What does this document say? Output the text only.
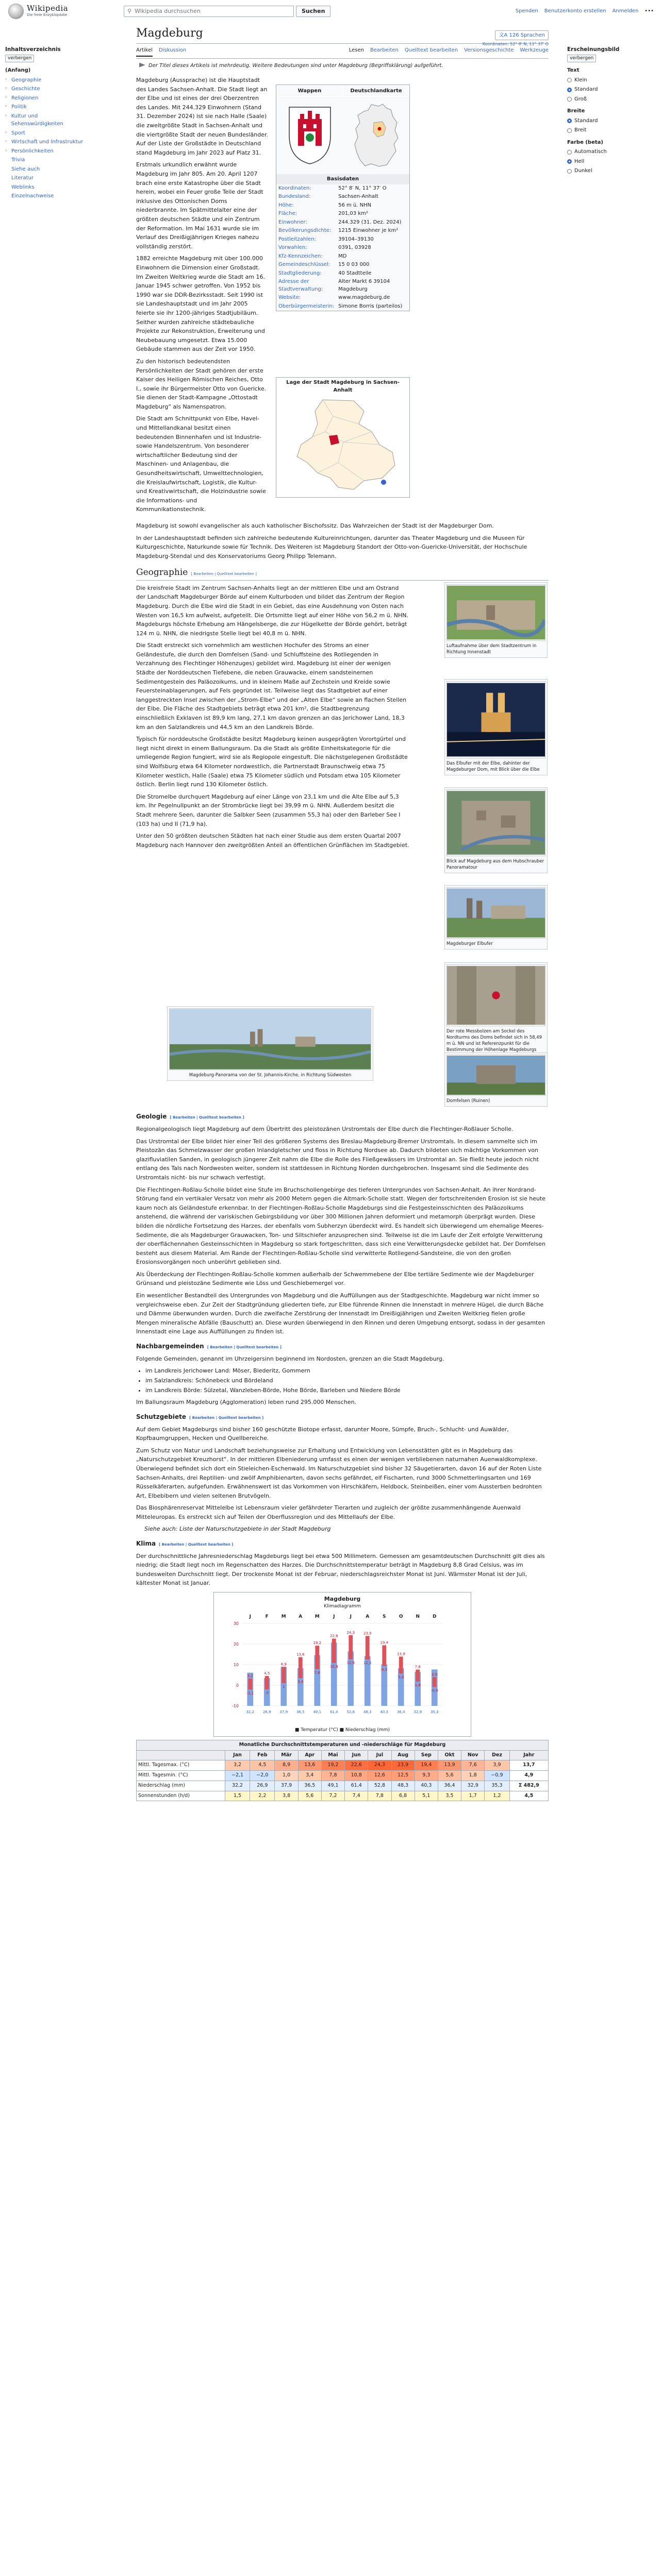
Wikipedia
Die freie Enzyklopädie
⚲ Wikipedia durchsuchen	Suchen	Spenden Benutzerkonto erstellen Anmelden •••
Inhaltsverzeichnis
verbergen
(Anfang)
› Geographie
› Geschichte
› Religionen
› Politik
› Kultur und Sehenswürdigkeiten
› Sport
› Wirtschaft und Infrastruktur
› Persönlichkeiten
Trivia
Siehe auch
Literatur
Weblinks
Einzelnachweise
Erscheinungsbild
verbergen
Text
Klein
Standard
Groß
Breite
Standard
Breit
Farbe (beta)
Automatisch
Hell
Dunkel
Magdeburg	文A 126 Sprachen
Artikel Diskussion	Lesen Bearbeiten Quelltext bearbeiten Versionsgeschichte Werkzeuge
Koordinaten: 52° 8′ N, 11° 37′ O
Der Titel dieses Artikels ist mehrdeutig. Weitere Bedeutungen sind unter Magdeburg (Begriffsklärung) aufgeführt.

Magdeburg (Aussprache) ist die Hauptstadt des Landes Sachsen-Anhalt. Die Stadt liegt an der Elbe und ist eines der drei Oberzentren des Landes. Mit 244.329 Einwohnern (Stand 31. Dezember 2024) ist sie nach Halle (Saale) die zweitgrößte Stadt in Sachsen-Anhalt und die viertgrößte Stadt der neuen Bundesländer. Auf der Liste der Großstädte in Deutschland stand Magdeburg im Jahr 2023 auf Platz 31.

Erstmals urkundlich erwähnt wurde Magdeburg im Jahr 805. Am 20. April 1207 brach eine erste Katastrophe über die Stadt herein, wobei ein Feuer große Teile der Stadt inklusive des Ottonischen Doms niederbrannte. Im Spätmittelalter eine der größten deutschen Städte und ein Zentrum der Reformation. Im Mai 1631 wurde sie im Verlauf des Dreißigjährigen Krieges nahezu vollständig zerstört.

1882 erreichte Magdeburg mit über 100.000 Einwohnern die Dimension einer Großstadt. Im Zweiten Weltkrieg wurde die Stadt am 16. Januar 1945 schwer getroffen. Von 1952 bis 1990 war sie DDR-Bezirksstadt. Seit 1990 ist sie Landeshauptstadt und im Jahr 2005 feierte sie ihr 1200-jähriges Stadtjubiläum. Seither wurden zahlreiche städtebauliche Projekte zur Rekonstruktion, Erweiterung und Neubebauung umgesetzt. Etwa 15.000 Gebäude stammen aus der Zeit vor 1950.

Zu den historisch bedeutendsten Persönlichkeiten der Stadt gehören der erste Kaiser des Heiligen Römischen Reiches, Otto I., sowie ihr Bürgermeister Otto von Guericke. Sie dienen der Stadt-Kampagne „Ottostadt Magdeburg“ als Namenspatron.

Die Stadt am Schnittpunkt von Elbe, Havel- und Mittellandkanal besitzt einen bedeutenden Binnenhafen und ist Industrie- sowie Handelszentrum. Von besonderer wirtschaftlicher Bedeutung sind der Maschinen- und Anlagenbau, die Gesundheitswirtschaft, Umwelttechnologien, die Kreislaufwirtschaft, Logistik, die Kultur- und Kreativwirtschaft, die Holzindustrie sowie die Informations- und Kommunikationstechnik.

Wappen	Deutschlandkarte
Basisdaten
Koordinaten:	52° 8′ N, 11° 37′ O
Bundesland:	Sachsen-Anhalt
Höhe:	56 m ü. NHN
Fläche:	201,03 km²
Einwohner:	244.329 (31. Dez. 2024)
Bevölkerungsdichte:	1215 Einwohner je km²
Postleitzahlen:	39104–39130
Vorwahlen:	0391, 03928
Kfz-Kennzeichen:	MD
Gemeindeschlüssel:	15 0 03 000
Stadtgliederung:	40 Stadtteile
Adresse der Stadtverwaltung:	Alter Markt 6 39104 Magdeburg
Website:	www.magdeburg.de
Oberbürgermeisterin:	Simone Borris (parteilos)
Lage der Stadt Magdeburg in Sachsen-Anhalt

Magdeburg ist sowohl evangelischer als auch katholischer Bischofssitz. Das Wahrzeichen der Stadt ist der Magdeburger Dom.

In der Landeshauptstadt befinden sich zahlreiche bedeutende Kultureinrichtungen, darunter das Theater Magdeburg und die Museen für Kulturgeschichte, Naturkunde sowie für Technik. Des Weiteren ist Magdeburg Standort der Otto-von-Guericke-Universität, der Hochschule Magdeburg-Stendal und des Konservatoriums Georg Philipp Telemann.

Geographie [ Bearbeiten | Quelltext bearbeiten ]

Die kreisfreie Stadt im Zentrum Sachsen-Anhalts liegt an der mittleren Elbe und am Ostrand der Landschaft Magdeburger Börde auf einem Kulturboden und bildet das Zentrum der Region Magdeburg. Durch die Elbe wird die Stadt in ein Gebiet, das eine Ausdehnung von Osten nach Westen von 16,5 km aufweist, aufgeteilt. Die Ortsmitte liegt auf einer Höhe von 56,2 m ü. NHN. Magdeburgs höchste Erhebung am Hängelsberge, die zur Hügelkette der Börde gehört, beträgt 124 m ü. NHN, die niedrigste Stelle liegt bei 40,8 m ü. NHN.

Die Stadt erstreckt sich vornehmlich am westlichen Hochufer des Stroms an einer Geländestufe, die durch den Domfelsen (Sand- und Schluffsteine des Rotliegenden in Verzahnung des Flechtinger Höhenzuges) gebildet wird. Magdeburg ist einer der wenigen Städte der Norddeutschen Tiefebene, die neben Grauwacke, einem sandsteinernen Sedimentgestein des Paläozoikums, und in kleinem Maße auf Zechstein und Kreide sowie Feuersteinablagerungen, auf Fels gegründet ist. Teilweise liegt das Stadtgebiet auf einer langgestreckten Insel zwischen der „Strom-Elbe“ und der „Alten Elbe“ sowie an flachen Stellen der Elbe. Die Fläche des Stadtgebiets beträgt etwa 201 km², die Stadtbegrenzung einschließlich Exklaven ist 89,9 km lang, 27,1 km davon grenzen an das Jerichower Land, 18,3 km an den Salzlandkreis und 44,5 km an den Landkreis Börde.

Typisch für norddeutsche Großstädte besitzt Magdeburg keinen ausgeprägten Vorortgürtel und liegt nicht direkt in einem Ballungsraum. Da die Stadt als größte Einheitskategorie für die umliegende Region fungiert, wird sie als Regiopole eingestuft. Die nächstgelegenen Großstädte sind Wolfsburg etwa 64 Kilometer nordwestlich, die Partnerstadt Braunschweig etwa 75 Kilometer westlich, Halle (Saale) etwa 75 Kilometer südlich und Potsdam etwa 105 Kilometer östlich. Berlin liegt rund 130 Kilometer östlich.

Die Stromelbe durchquert Magdeburg auf einer Länge von 23,1 km und die Alte Elbe auf 5,3 km. Ihr Pegelnullpunkt an der Strombrücke liegt bei 39,99 m ü. NHN. Außerdem besitzt die Stadt mehrere Seen, darunter die Salbker Seen (zusammen 55,3 ha) oder den Barleber See I (103 ha) und II (71,9 ha).

Unter den 50 größten deutschen Städten hat nach einer Studie aus dem ersten Quartal 2007 Magdeburg nach Hannover den zweitgrößten Anteil an öffentlichen Grünflächen im Stadtgebiet.

Luftaufnahme über dem Stadtzentrum in Richtung Innenstadt
Das Elbufer mit der Elbe, dahinter der Magdeburger Dom, mit Blick über die Elbe
Blick auf Magdeburg aus dem Hubschrauber Panoramatour
Magdeburger Elbufer
Der rote Messbolzen am Sockel des Nordturms des Doms befindet sich in 58,49 m ü. NN und ist Referenzpunkt für die Bestimmung der Höhenlage Magdeburgs
Domfelsen (Ruinen)
Magdeburg-Panorama von der St. Johannis-Kirche, in Richtung Südwesten
Geologie [ Bearbeiten | Quelltext bearbeiten ]

Regionalgeologisch liegt Magdeburg auf dem Übertritt des pleistozänen Urstromtals der Elbe durch die Flechtinger-Roßlauer Scholle.

Das Urstromtal der Elbe bildet hier einer Teil des größeren Systems des Breslau-Magdeburg-Bremer Urstromtals. In diesem sammelte sich im Pleistozän das Schmelzwasser der großen Inlandgletscher und floss in Richtung Nordsee ab. Dadurch bildeten sich mächtige Vorkommen von glazifluviatilen Sanden, in geologisch jüngerer Zeit nahm die Elbe die Rolle des Fließgewässers im Urstromtal an. Sie fließt heute jedoch nicht entlang des Tals nach Nordwesten weiter, sondern ist stattdessen in Richtung Norden durchgebrochen. Insgesamt sind die Sedimente des Urstromtals nicht- bis nur schwach verfestigt.

Die Flechtingen-Roßlau-Scholle bildet eine Stufe im Bruchschollengebirge des tieferen Untergrundes von Sachsen-Anhalt. An ihrer Nordrand-Störung fand ein vertikaler Versatz von mehr als 2000 Metern gegen die Altmark-Scholle statt. Wegen der fortschreitenden Erosion ist sie heute kaum noch als Geländestufe erkennbar. In der Flechtingen-Roßlau-Scholle Magdeburgs sind die Festgesteinsschichten des Paläozoikums anstehend, die während der variskischen Gebirgsbildung vor über 300 Millionen Jahren deformiert und metamorph überprägt wurden. Diese bilden die nördliche Fortsetzung des Harzes, der ebenfalls vom Subherzyn überdeckt wird. Es handelt sich überwiegend um ehemalige Meeres-Sedimente, die als Magdeburger Grauwacken, Ton- und Siltschiefer anzusprechen sind. Teilweise ist die im Laufe der Zeit erfolgte Verwitterung der oberflächennahen Gesteinsschichten in Magdeburg so stark fortgeschritten, dass sich eine Verwitterungsdecke gebildet hat. Der Domfelsen besteht aus diesem Material. Am Rande der Flechtingen-Roßlau-Scholle sind verwitterte Rotliegend-Sandsteine, die von den großen Erosionsvorgängen noch unberührt geblieben sind.

Als Überdeckung der Flechtingen-Roßlau-Scholle kommen außerhalb der Schwemmebene der Elbe tertiäre Sedimente wie der Magdeburger Grünsand und pleistozäne Sedimente wie Löss und Geschiebemergel vor.

Ein wesentlicher Bestandteil des Untergrundes von Magdeburg und die Auffüllungen aus der Stadtgeschichte. Magdeburg war nicht immer so vergleichsweise eben. Zur Zeit der Stadtgründung gliederten tiefe, zur Elbe führende Rinnen die Innenstadt in mehrere Hügel, die durch Bäche und Dämme überwunden wurden. Durch die zweifache Zerstörung der Innenstadt im Dreißigjährigen und Zweiten Weltkrieg fielen große Mengen mineralische Abfälle (Bauschutt) an. Diese wurden überwiegend in den Rinnen und deren Umgebung entsorgt, sodass in der gesamten Innenstadt eine Lage aus Auffüllungen zu finden ist.

Nachbargemeinden [ Bearbeiten | Quelltext bearbeiten ]

Folgende Gemeinden, genannt im Uhrzeigersinn beginnend im Nordosten, grenzen an die Stadt Magdeburg.

• im Landkreis Jerichower Land: Möser, Biederitz, Gommern
• im Salzlandkreis: Schönebeck und Bördeland
• im Landkreis Börde: Sülzetal, Wanzleben-Börde, Hohe Börde, Barleben und Niedere Börde

Im Ballungsraum Magdeburg (Agglomeration) leben rund 295.000 Menschen.

Schutzgebiete [ Bearbeiten | Quelltext bearbeiten ]

Auf dem Gebiet Magdeburgs sind bisher 160 geschützte Biotope erfasst, darunter Moore, Sümpfe, Bruch-, Schlucht- und Auwälder, Kopfbaumgruppen, Hecken und Quellbereiche.

Zum Schutz von Natur und Landschaft beziehungsweise zur Erhaltung und Entwicklung von Lebensstätten gibt es in Magdeburg das „Naturschutzgebiet Kreuzhorst“. In der mittleren Elbeniederung umfasst es einen der wenigen verbliebenen naturnahen Auenwaldkomplexe. Überwiegend befindet sich dort ein Stieleichen-Eschenwald. Im Naturschutzgebiet sind bisher 32 Säugetierarten, davon 16 auf der Roten Liste Sachsen-Anhalts, drei Reptilien- und zwölf Amphibienarten, davon sechs gefährdet, elf Fischarten, rund 3000 Schmetterlingsarten und 169 Rüsselkäferarten, aufgefunden. Erwähnenswert ist das Vorkommen von Hirschkäfern, Heldbock, Steinbeißen, einer vom Aussterben bedrohten Art, Elbebibern und vielen seltenen Brutvögeln.

Das Biosphärenreservat Mittelelbe ist Lebensraum vieler gefährdeter Tierarten und zugleich der größte zusammenhängende Auenwald Mitteleuropas. Es erstreckt sich auf Teilen der Oberflussregion und des Mittellaufs der Elbe.

Siehe auch: Liste der Naturschutzgebiete in der Stadt Magdeburg

Klima [ Bearbeiten | Quelltext bearbeiten ]

Der durchschnittliche Jahresniederschlag Magdeburgs liegt bei etwa 500 Millimetern. Gemessen am gesamtdeutschen Durchschnitt gilt dies als niedrig; die Stadt liegt noch im Regenschatten des Harzes. Die Durchschnittstemperatur beträgt in Magdeburg 8,8 Grad Celsius, was im bundesweiten Durchschnitt liegt. Der trockenste Monat ist der Februar, niederschlagsreichster Monat ist Juni. Wärmster Monat ist der Juli, kältester Monat ist Januar.

Magdeburg
Klimadiagramm
-10
0
10
20
30
3,2
-2,1
J
32,2
4,5
-2
F
26,9
8,9
1
M
37,9
13,6
3,4
A
36,5
19,2
7,8
M
49,1
22,6
10,8
J
61,4
24,3
12,6
J
52,8
23,9
12,5
A
48,3
19,4
9,3
S
40,3
13,9
5,6
O
36,4
7,6
1,8
N
32,9
3,9
-0,9
D
35,3
■ Temperatur (°C) ■ Niederschlag (mm)
Monatliche Durchschnittstemperaturen und -niederschläge für Magdeburg													
	Jan	Feb	Mär	Apr	Mai	Jun	Jul	Aug	Sep	Okt	Nov	Dez	Jahr
Mittl. Tagesmax. (°C)	3,2	4,5	8,9	13,6	19,2	22,6	24,3	23,9	19,4	13,9	7,6	3,9	13,7
Mittl. Tagesmin. (°C)	−2,1	−2,0	1,0	3,4	7,8	10,8	12,6	12,5	9,3	5,6	1,8	−0,9	4,9
Niederschlag (mm)	32,2	26,9	37,9	36,5	49,1	61,4	52,8	48,3	40,3	36,4	32,9	35,3	Σ 482,9
Sonnenstunden (h/d)	1,5	2,2	3,8	5,6	7,2	7,4	7,8	6,8	5,1	3,5	1,7	1,2	4,5
